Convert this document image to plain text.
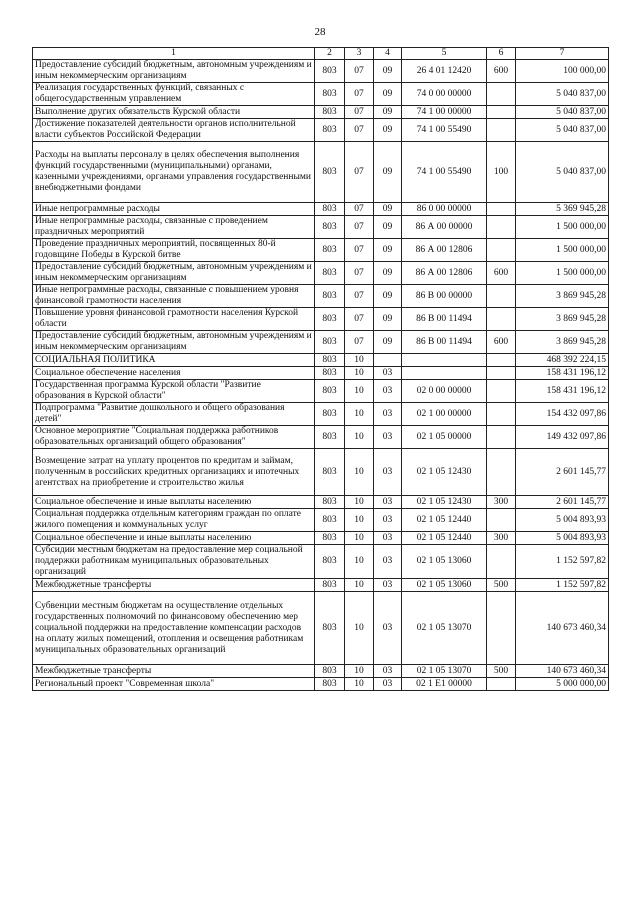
28
1	2	3	4	5	6	7
Предоставление субсидий бюджетным, автономным учреждениям и иным некоммерческим организациям	803	07	09	26 4 01 12420	600	100 000,00
Реализация государственных функций, связанных с общегосударственным управлением	803	07	09	74 0 00 00000		5 040 837,00
Выполнение других обязательств Курской области	803	07	09	74 1 00 00000		5 040 837,00
Достижение показателей деятельности органов исполнительной власти субъектов Российской Федерации	803	07	09	74 1 00 55490		5 040 837,00
Расходы на выплаты персоналу в целях обеспечения выполнения функций государственными (муниципальными) органами, казенными учреждениями, органами управления государственными внебюджетными фондами	803	07	09	74 1 00 55490	100	5 040 837,00
Иные непрограммные расходы	803	07	09	86 0 00 00000		5 369 945,28
Иные непрограммные расходы, связанные с проведением праздничных мероприятий	803	07	09	86 А 00 00000		1 500 000,00
Проведение праздничных мероприятий, посвященных 80-й годовщине Победы в Курской битве	803	07	09	86 А 00 12806		1 500 000,00
Предоставление субсидий бюджетным, автономным учреждениям и иным некоммерческим организациям	803	07	09	86 А 00 12806	600	1 500 000,00
Иные непрограммные расходы, связанные с повышением уровня финансовой грамотности населения	803	07	09	86 В 00 00000		3 869 945,28
Повышение уровня финансовой грамотности населения Курской области	803	07	09	86 В 00 11494		3 869 945,28
Предоставление субсидий бюджетным, автономным учреждениям и иным некоммерческим организациям	803	07	09	86 В 00 11494	600	3 869 945,28
СОЦИАЛЬНАЯ ПОЛИТИКА	803	10				468 392 224,15
Социальное обеспечение населения	803	10	03			158 431 196,12
Государственная программа Курской области "Развитие образования в Курской области"	803	10	03	02 0 00 00000		158 431 196,12
Подпрограмма "Развитие дошкольного и общего образования детей"	803	10	03	02 1 00 00000		154 432 097,86
Основное мероприятие "Социальная поддержка работников образовательных организаций общего образования"	803	10	03	02 1 05 00000		149 432 097,86
Возмещение затрат на уплату процентов по кредитам и займам, полученным в российских кредитных организациях и ипотечных агентствах на приобретение и строительство жилья	803	10	03	02 1 05 12430		2 601 145,77
Социальное обеспечение и иные выплаты населению	803	10	03	02 1 05 12430	300	2 601 145,77
Социальная поддержка отдельным категориям граждан по оплате жилого помещения и коммунальных услуг	803	10	03	02 1 05 12440		5 004 893,93
Социальное обеспечение и иные выплаты населению	803	10	03	02 1 05 12440	300	5 004 893,93
Субсидии местным бюджетам на предоставление мер социальной поддержки работникам муниципальных образовательных организаций	803	10	03	02 1 05 13060		1 152 597,82
Межбюджетные трансферты	803	10	03	02 1 05 13060	500	1 152 597,82
Субвенции местным бюджетам на осуществление отдельных государственных полномочий по финансовому обеспечению мер социальной поддержки на предоставление компенсации расходов на оплату жилых помещений, отопления и освещения работникам муниципальных образовательных организаций	803	10	03	02 1 05 13070		140 673 460,34
Межбюджетные трансферты	803	10	03	02 1 05 13070	500	140 673 460,34
Региональный проект "Современная школа"	803	10	03	02 1 Е1 00000		5 000 000,00
